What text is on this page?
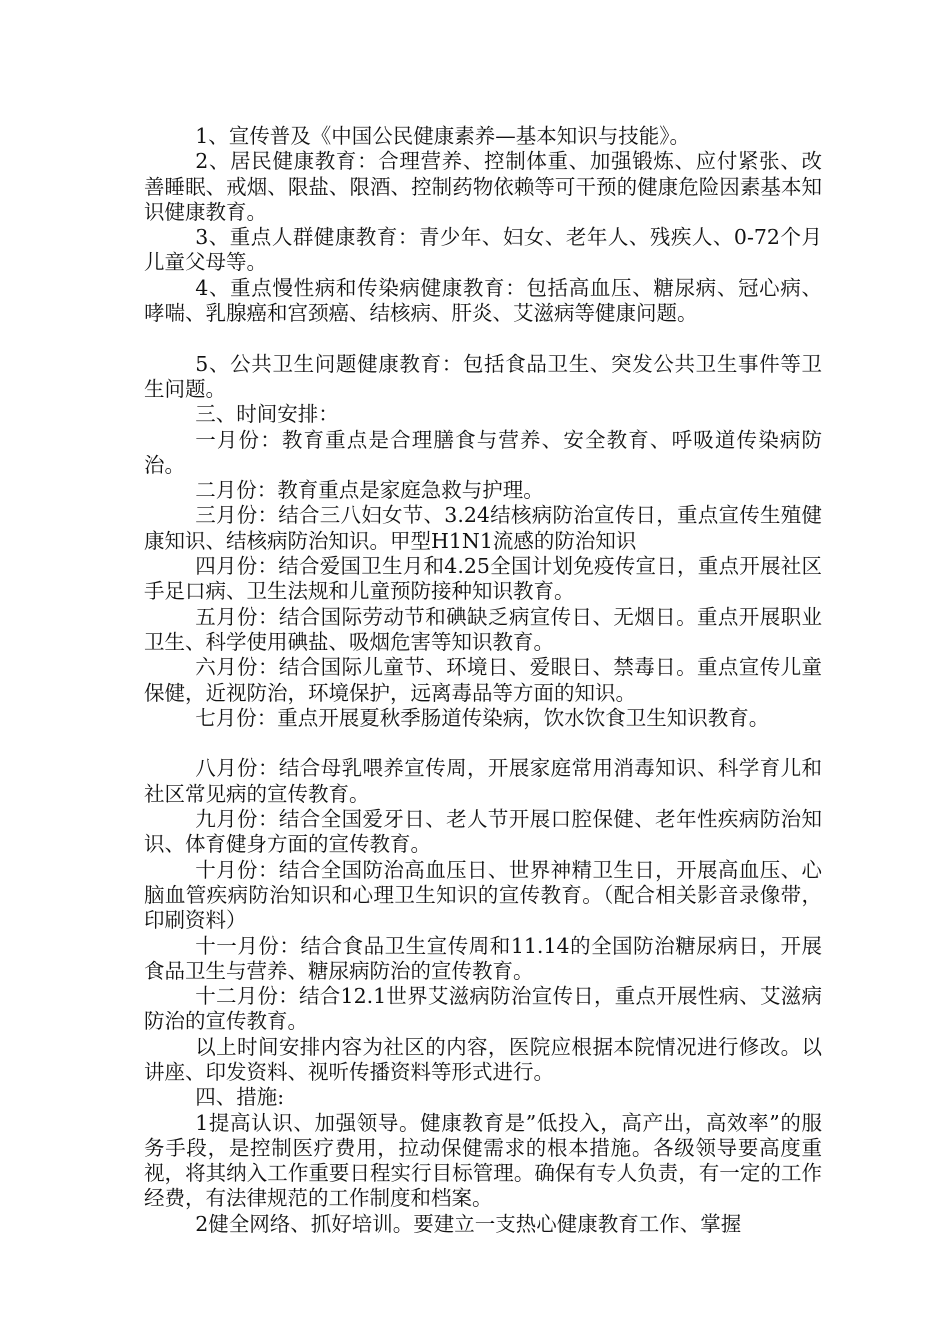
1、宣传普及《中国公民健康素养—基本知识与技能》。

2、居民健康教育：合理营养、控制体重、加强锻炼、应付紧张、改善睡眠、戒烟、限盐、限酒、控制药物依赖等可干预的健康危险因素基本知识健康教育。

3、重点人群健康教育：青少年、妇女、老年人、残疾人、0-72个月儿童父母等。

4、重点慢性病和传染病健康教育：包括高血压、糖尿病、冠心病、哮喘、乳腺癌和宫颈癌、结核病、肝炎、艾滋病等健康问题。

5、公共卫生问题健康教育：包括食品卫生、突发公共卫生事件等卫生问题。

三、时间安排：

一月份：教育重点是合理膳食与营养、安全教育、呼吸道传染病防治。

二月份：教育重点是家庭急救与护理。

三月份：结合三八妇女节、3.24结核病防治宣传日，重点宣传生殖健康知识、结核病防治知识。甲型H1N1流感的防治知识

四月份：结合爱国卫生月和4.25全国计划免疫传宣日，重点开展社区手足口病、卫生法规和儿童预防接种知识教育。

五月份：结合国际劳动节和碘缺乏病宣传日、无烟日。重点开展职业卫生、科学使用碘盐、吸烟危害等知识教育。

六月份：结合国际儿童节、环境日、爱眼日、禁毒日。重点宣传儿童保健，近视防治，环境保护，远离毒品等方面的知识。

七月份：重点开展夏秋季肠道传染病，饮水饮食卫生知识教育。

八月份：结合母乳喂养宣传周，开展家庭常用消毒知识、科学育儿和社区常见病的宣传教育。

九月份：结合全国爱牙日、老人节开展口腔保健、老年性疾病防治知识、体育健身方面的宣传教育。

十月份：结合全国防治高血压日、世界神精卫生日，开展高血压、心脑血管疾病防治知识和心理卫生知识的宣传教育。（配合相关影音录像带，印刷资料）

十一月份：结合食品卫生宣传周和11.14的全国防治糖尿病日，开展食品卫生与营养、糖尿病防治的宣传教育。

十二月份：结合12.1世界艾滋病防治宣传日，重点开展性病、艾滋病防治的宣传教育。

以上时间安排内容为社区的内容，医院应根据本院情况进行修改。以讲座、印发资料、视听传播资料等形式进行。

四、措施:

1提高认识、加强领导。健康教育是”低投入，高产出，高效率”的服务手段，是控制医疗费用，拉动保健需求的根本措施。各级领导要高度重视，将其纳入工作重要日程实行目标管理。确保有专人负责，有一定的工作经费，有法律规范的工作制度和档案。

2健全网络、抓好培训。要建立一支热心健康教育工作、掌握
